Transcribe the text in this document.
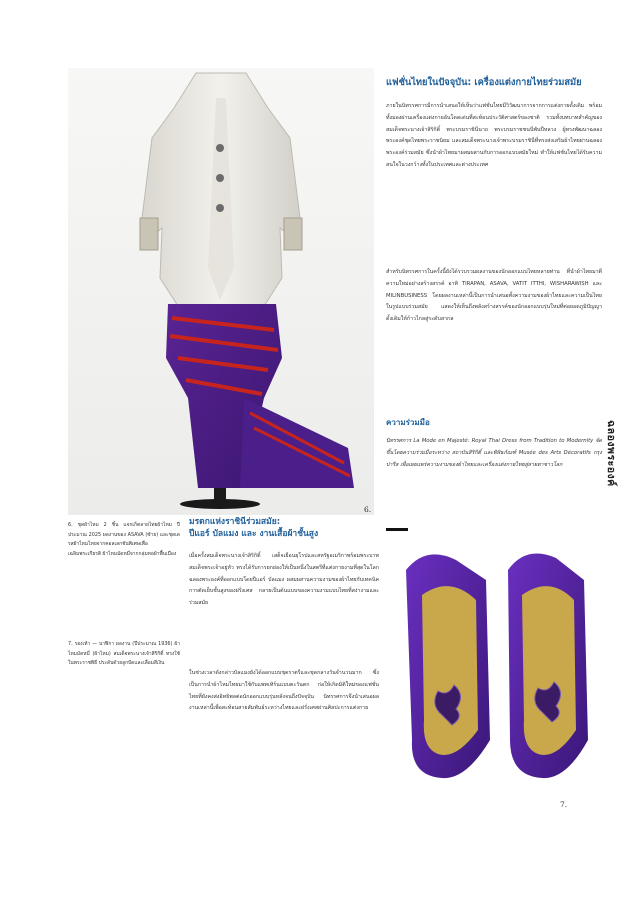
แฟชั่นไทยในปัจจุบัน: เครื่องแต่งกายไทยร่วมสมัย
ภายในนิทรรศการมีการนำเสนอให้เห็นว่าแฟชั่นไทยมีวิวัฒนาการจากการแต่งกายดั้งเดิม พร้อมทั้งมองผ่านเครื่องแต่งกายอันโดดเด่นที่สะท้อนประวัติศาสตร์ของชาติ รวมทั้งบทบาทสำคัญของ สมเด็จพระนางเจ้าสิริกิติ์ พระบรมราชินีนาถ พระบรมราชชนนีพันปีหลวง ผู้ทรงพัฒนาฉลองพระองค์ชุดไทยพระราชนิยม และสมเด็จพระนางเจ้าพระบรมราชินีที่ทรงส่งเสริมผ้าไทยผ่านฉลองพระองค์ร่วมสมัย ซึ่งนำผ้าไทยมาผสมผสานกับการออกแบบสมัยใหม่ ทำให้แฟชั่นไทยได้รับความสนใจในวงกว้างทั้งในประเทศและต่างประเทศ
สำหรับนิทรรศการในครั้งนี้ยังได้รวบรวมผลงานของนักออกแบบไทยหลายท่าน ที่นำผ้าไทยมาตีความใหม่อย่างสร้างสรรค์ อาทิ TIRAPAN, ASAVA, VATIT ITTHI, WISHARAWISH และ MILINBUSINESS โดยผลงานเหล่านี้เป็นการนำเสนอทั้งความงามของผ้าไทยและความเป็นไทยในรูปแบบร่วมสมัย แสดงให้เห็นถึงพลังสร้างสรรค์ของนักออกแบบรุ่นใหม่ที่ต่อยอดภูมิปัญญาดั้งเดิมให้ก้าวไกลสู่ระดับสากล
ความร่วมมือ
นิทรรศการ La Mode en Majesté: Royal Thai Dress from Tradition to Modernity จัดขึ้นโดยความร่วมมือระหว่าง สถาบันสิริกิติ์ และพิพิธภัณฑ์ Musée des Arts Décoratifs กรุงปารีส เพื่อเผยแพร่ความงามของผ้าไทยและเครื่องแต่งกายไทยสู่สายตาชาวโลก	ฉลองพระองค์
6.
6. ชุดผ้าไหม 2 ชิ้น แจกเก็ตลายไทยผ้าไหม ปีประมาณ 2025 ผลงานของ ASAVA (ซ้าย) และชุดเดรสผ้าไหมไทยจากคอลเลกชันพิเศษเพื่อเฉลิมพระเกียรติ ผ้าไหมมัดหมี่จากกลุ่มทอผ้าพื้นเมือง
7. รองเท้า — นาฬิกา ผลงาน (ปีประมาณ 1936) ผ้าไหมมัดหมี่ (ผ้าไหม) สมเด็จพระนางเจ้าสิริกิติ์ ทรงใช้ในพระราชพิธี ประดับด้วยลูกปัดและเลื่อมสีเงิน
มรดกแห่งราชินีร่วมสมัย:
ปีแอร์ บัลแมง และ งานเสื้อผ้าชั้นสูง
เมื่อครั้งสมเด็จพระนางเจ้าสิริกิติ์ เสด็จเยือนยุโรปและสหรัฐอเมริกาพร้อมพระบาทสมเด็จพระเจ้าอยู่หัว ทรงได้รับการยกย่องให้เป็นหนึ่งในสตรีที่แต่งกายงามที่สุดในโลก ฉลองพระองค์ที่ออกแบบโดยปีแอร์ บัลแมง ผสมผสานความงามของผ้าไทยกับเทคนิคการตัดเย็บชั้นสูงของฝรั่งเศส กลายเป็นต้นแบบของความงามแบบไทยที่สง่างามและร่วมสมัย
ในช่วงเวลาดังกล่าวบัลแมงยังได้ออกแบบชุดราตรีและชุดกลางวันจำนวนมาก ซึ่งเป็นการนำผ้าไหมไทยมาใช้กับแพทเทิร์นแบบตะวันตก ก่อให้เกิดมิติใหม่ของแฟชั่นไทยที่ยังคงส่งอิทธิพลต่อนักออกแบบรุ่นหลังจนถึงปัจจุบัน นิทรรศการจึงนำเสนอผลงานเหล่านี้เพื่อสะท้อนสายสัมพันธ์ระหว่างไทยและฝรั่งเศสผ่านศิลปะการแต่งกาย
7.
